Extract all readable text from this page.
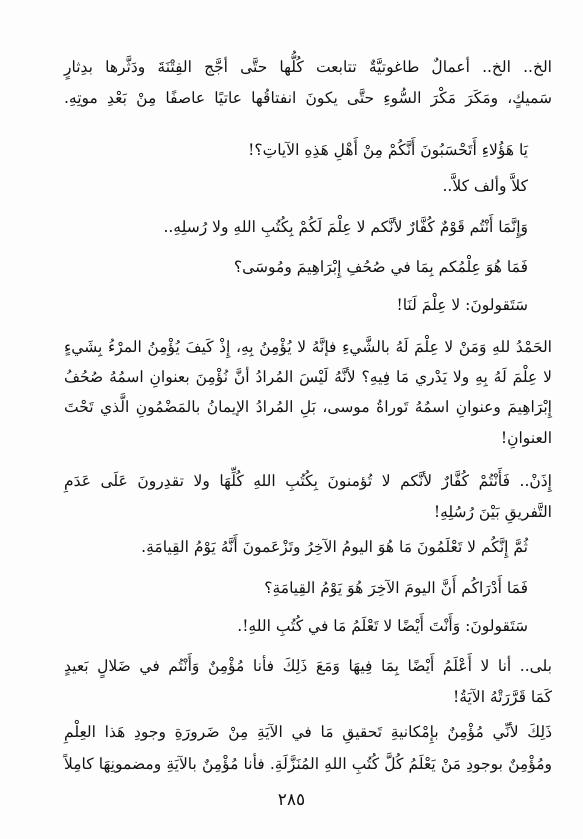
الخ.. الخ.. أعمالٌ طاغوتيَّةٌ تتابعت كُلُّها حتَّى أجَّج الفِتْنَةَ ودَثَّرها بدِثارٍ
سَميكٍ، ومَكَرَ مَكْرَ السُّوءِ حتَّى يكونَ انفتاقُها عاتيًا عاصفًا مِنْ بَعْدِ موتِهِ.
يَا هَؤُلاءِ أَتَحْسَبُونَ أَنَّكُمْ مِنْ أَهْلِ هَذِهِ الآياتِ؟!
كلاَّ وألف كلاَّ..
وَإِنَّمَا أَنْتُم قَوْمٌ كُفَّارٌ لأنَّكم لا عِلْمَ لَكُمْ بِكُتُبِ اللهِ ولا رُسلِهِ..
فَمَا هُوَ عِلْمُكم بِمَا في صُحُفِ إِبْرَاهِيمَ ومُوسَى؟
سَتَقولونَ: لا عِلْمَ لَنَا!
الحَمْدُ للهِ وَمَنْ لا عِلْمَ لَهُ بالشَّيءِ فإنَّهُ لا يُؤْمِنُ بِهِ، إِذْ كَيفَ يُؤْمِنُ المرْءُ بِشَيءٍ
لا عِلْمَ لَهُ بِهِ ولا يَدْري مَا فِيهِ؟ لأنَّهُ لَيْسَ المُرادُ أنَّ نُؤْمِنَ بعنوانِ اسمُهُ صُحُفُ
إِبْرَاهِيمَ وعنوانِ اسمُهُ تَوراةُ موسى، بَلِ المُرادُ الإيمانُ بالمَضْمُونِ الَّذي تَحْتَ
العنوانِ!
إِذَنْ.. فَأَنْتُمْ كُفَّارٌ لأنَّكم لا تُؤمنونَ بِكُتُبِ اللهِ كُلِّهَا ولا تقدِرونَ عَلَى عَدَمِ
التَّفريقِ بَيْنَ رُسُلِهِ!
ثُمَّ إِنَّكُم لا تَعْلَمُونَ مَا هُوَ اليومُ الآخِرُ وتَزْعَمونَ أَنَّهُ يَوْمُ القِيامَةِ.
فَمَا أَدْرَاكُم أَنَّ اليومَ الآخِرَ هُوَ يَوْمُ القِيامَةِ؟
سَتَقولونَ: وَأَنْتَ أَيْضًا لا تَعْلَمُ مَا في كُتُبِ اللهِ!.
بلى.. أنا لا أَعْلَمُ أَيْضًا بِمَا فِيهَا وَمَعَ ذَلِكَ فأنا مُؤْمِنٌ وَأَنْتُم في ضَلالٍ بَعيدٍ
كَمَا قَرَّرَتْهُ الآيَةُ!
ذَلِكَ لأنِّي مُؤْمِنٌ بإِمْكانيةِ تَحقيقِ مَا في الآيَةِ مِنْ ضَرورَةِ وجودِ هَذا العِلْمِ
ومُؤْمِنٌ بوجودِ مَنْ يَعْلَمُ كُلَّ كُتُبِ اللهِ المُنَزَّلَةِ. فأنا مُؤْمِنٌ بالآيَةِ ومضمونِهَا كامِلاً
٢٨٥
